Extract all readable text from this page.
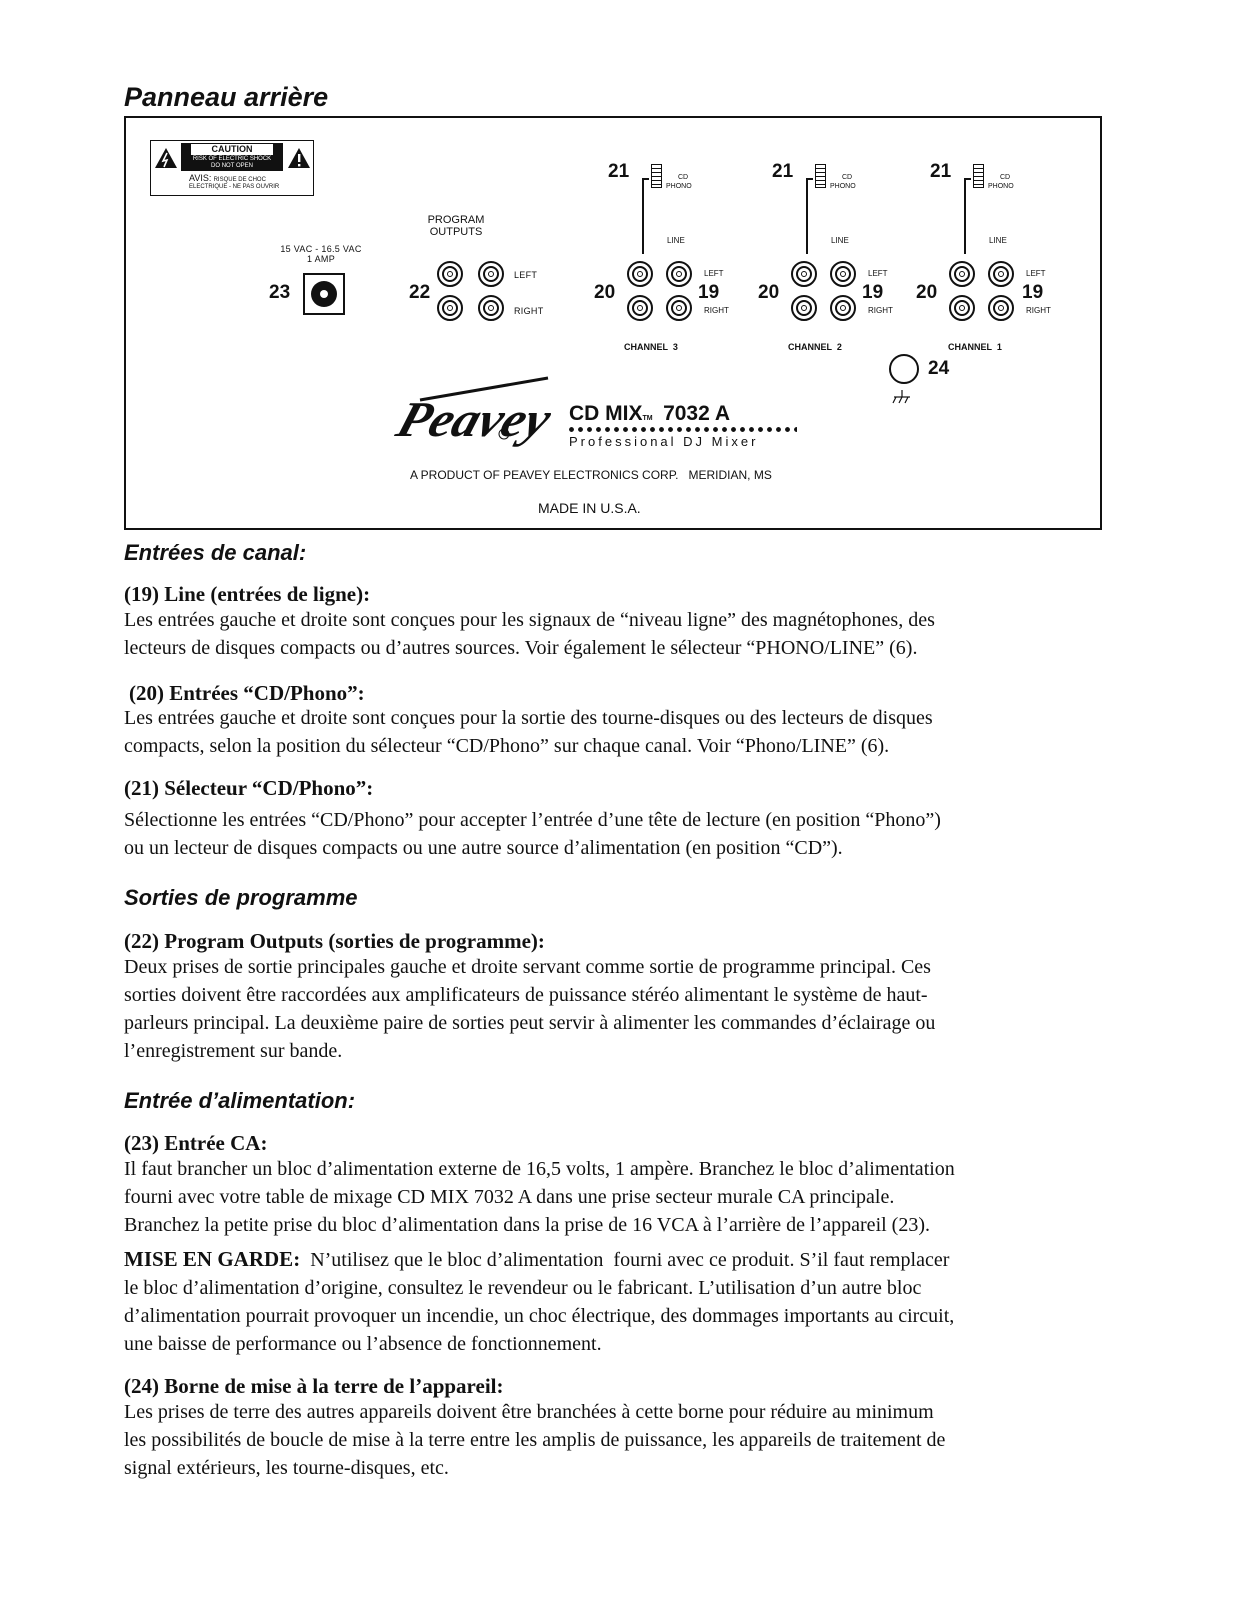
Panneau arrière
CAUTION
RISK OF ELECTRIC SHOCK
DO NOT OPEN
AVIS: RISQUE DE CHOC
ELECTRIQUE - NE PAS OUVRIR
15 VAC - 16.5 VAC
1 AMP
23
PROGRAM
OUTPUTS
22
LEFT
RIGHT
21	CD
PHONO
LINE
20
LEFT
19
RIGHT
CHANNEL  3
21	CD
PHONO
LINE
20
LEFT
19
RIGHT
CHANNEL  2
21	CD
PHONO
LINE
20
LEFT
19
RIGHT
CHANNEL  1
24
Peavey CD MIXTM 7032 A
Professional DJ Mixer
A PRODUCT OF PEAVEY ELECTRONICS CORP.   MERIDIAN, MS
MADE IN U.S.A.
Entrées de canal:
(19) Line (entrées de ligne):

Les entrées gauche et droite sont conçues pour les signaux de “niveau ligne” des magnétophones, des

lecteurs de disques compacts ou d’autres sources. Voir également le sélecteur “PHONO/LINE” (6).

(20) Entrées “CD/Phono”:

Les entrées gauche et droite sont conçues pour la sortie des tourne-disques ou des lecteurs de disques

compacts, selon la position du sélecteur “CD/Phono” sur chaque canal. Voir “Phono/LINE” (6).

(21) Sélecteur “CD/Phono”:

Sélectionne les entrées “CD/Phono” pour accepter l’entrée d’une tête de lecture (en position “Phono”)

ou un lecteur de disques compacts ou une autre source d’alimentation (en position “CD”).

Sorties de programme
(22) Program Outputs (sorties de programme):

Deux prises de sortie principales gauche et droite servant comme sortie de programme principal. Ces

sorties doivent être raccordées aux amplificateurs de puissance stéréo alimentant le système de haut-

parleurs principal. La deuxième paire de sorties peut servir à alimenter les commandes d’éclairage ou

l’enregistrement sur bande.

Entrée d’alimentation:
(23) Entrée CA:

Il faut brancher un bloc d’alimentation externe de 16,5 volts, 1 ampère. Branchez le bloc d’alimentation

fourni avec votre table de mixage CD MIX 7032 A dans une prise secteur murale CA principale.

Branchez la petite prise du bloc d’alimentation dans la prise de 16 VCA à l’arrière de l’appareil (23).

MISE EN GARDE:  N’utilisez que le bloc d’alimentation  fourni avec ce produit. S’il faut remplacer

le bloc d’alimentation d’origine, consultez le revendeur ou le fabricant. L’utilisation d’un autre bloc

d’alimentation pourrait provoquer un incendie, un choc électrique, des dommages importants au circuit,

une baisse de performance ou l’absence de fonctionnement.

(24) Borne de mise à la terre de l’appareil:

Les prises de terre des autres appareils doivent être branchées à cette borne pour réduire au minimum

les possibilités de boucle de mise à la terre entre les amplis de puissance, les appareils de traitement de

signal extérieurs, les tourne-disques, etc.
